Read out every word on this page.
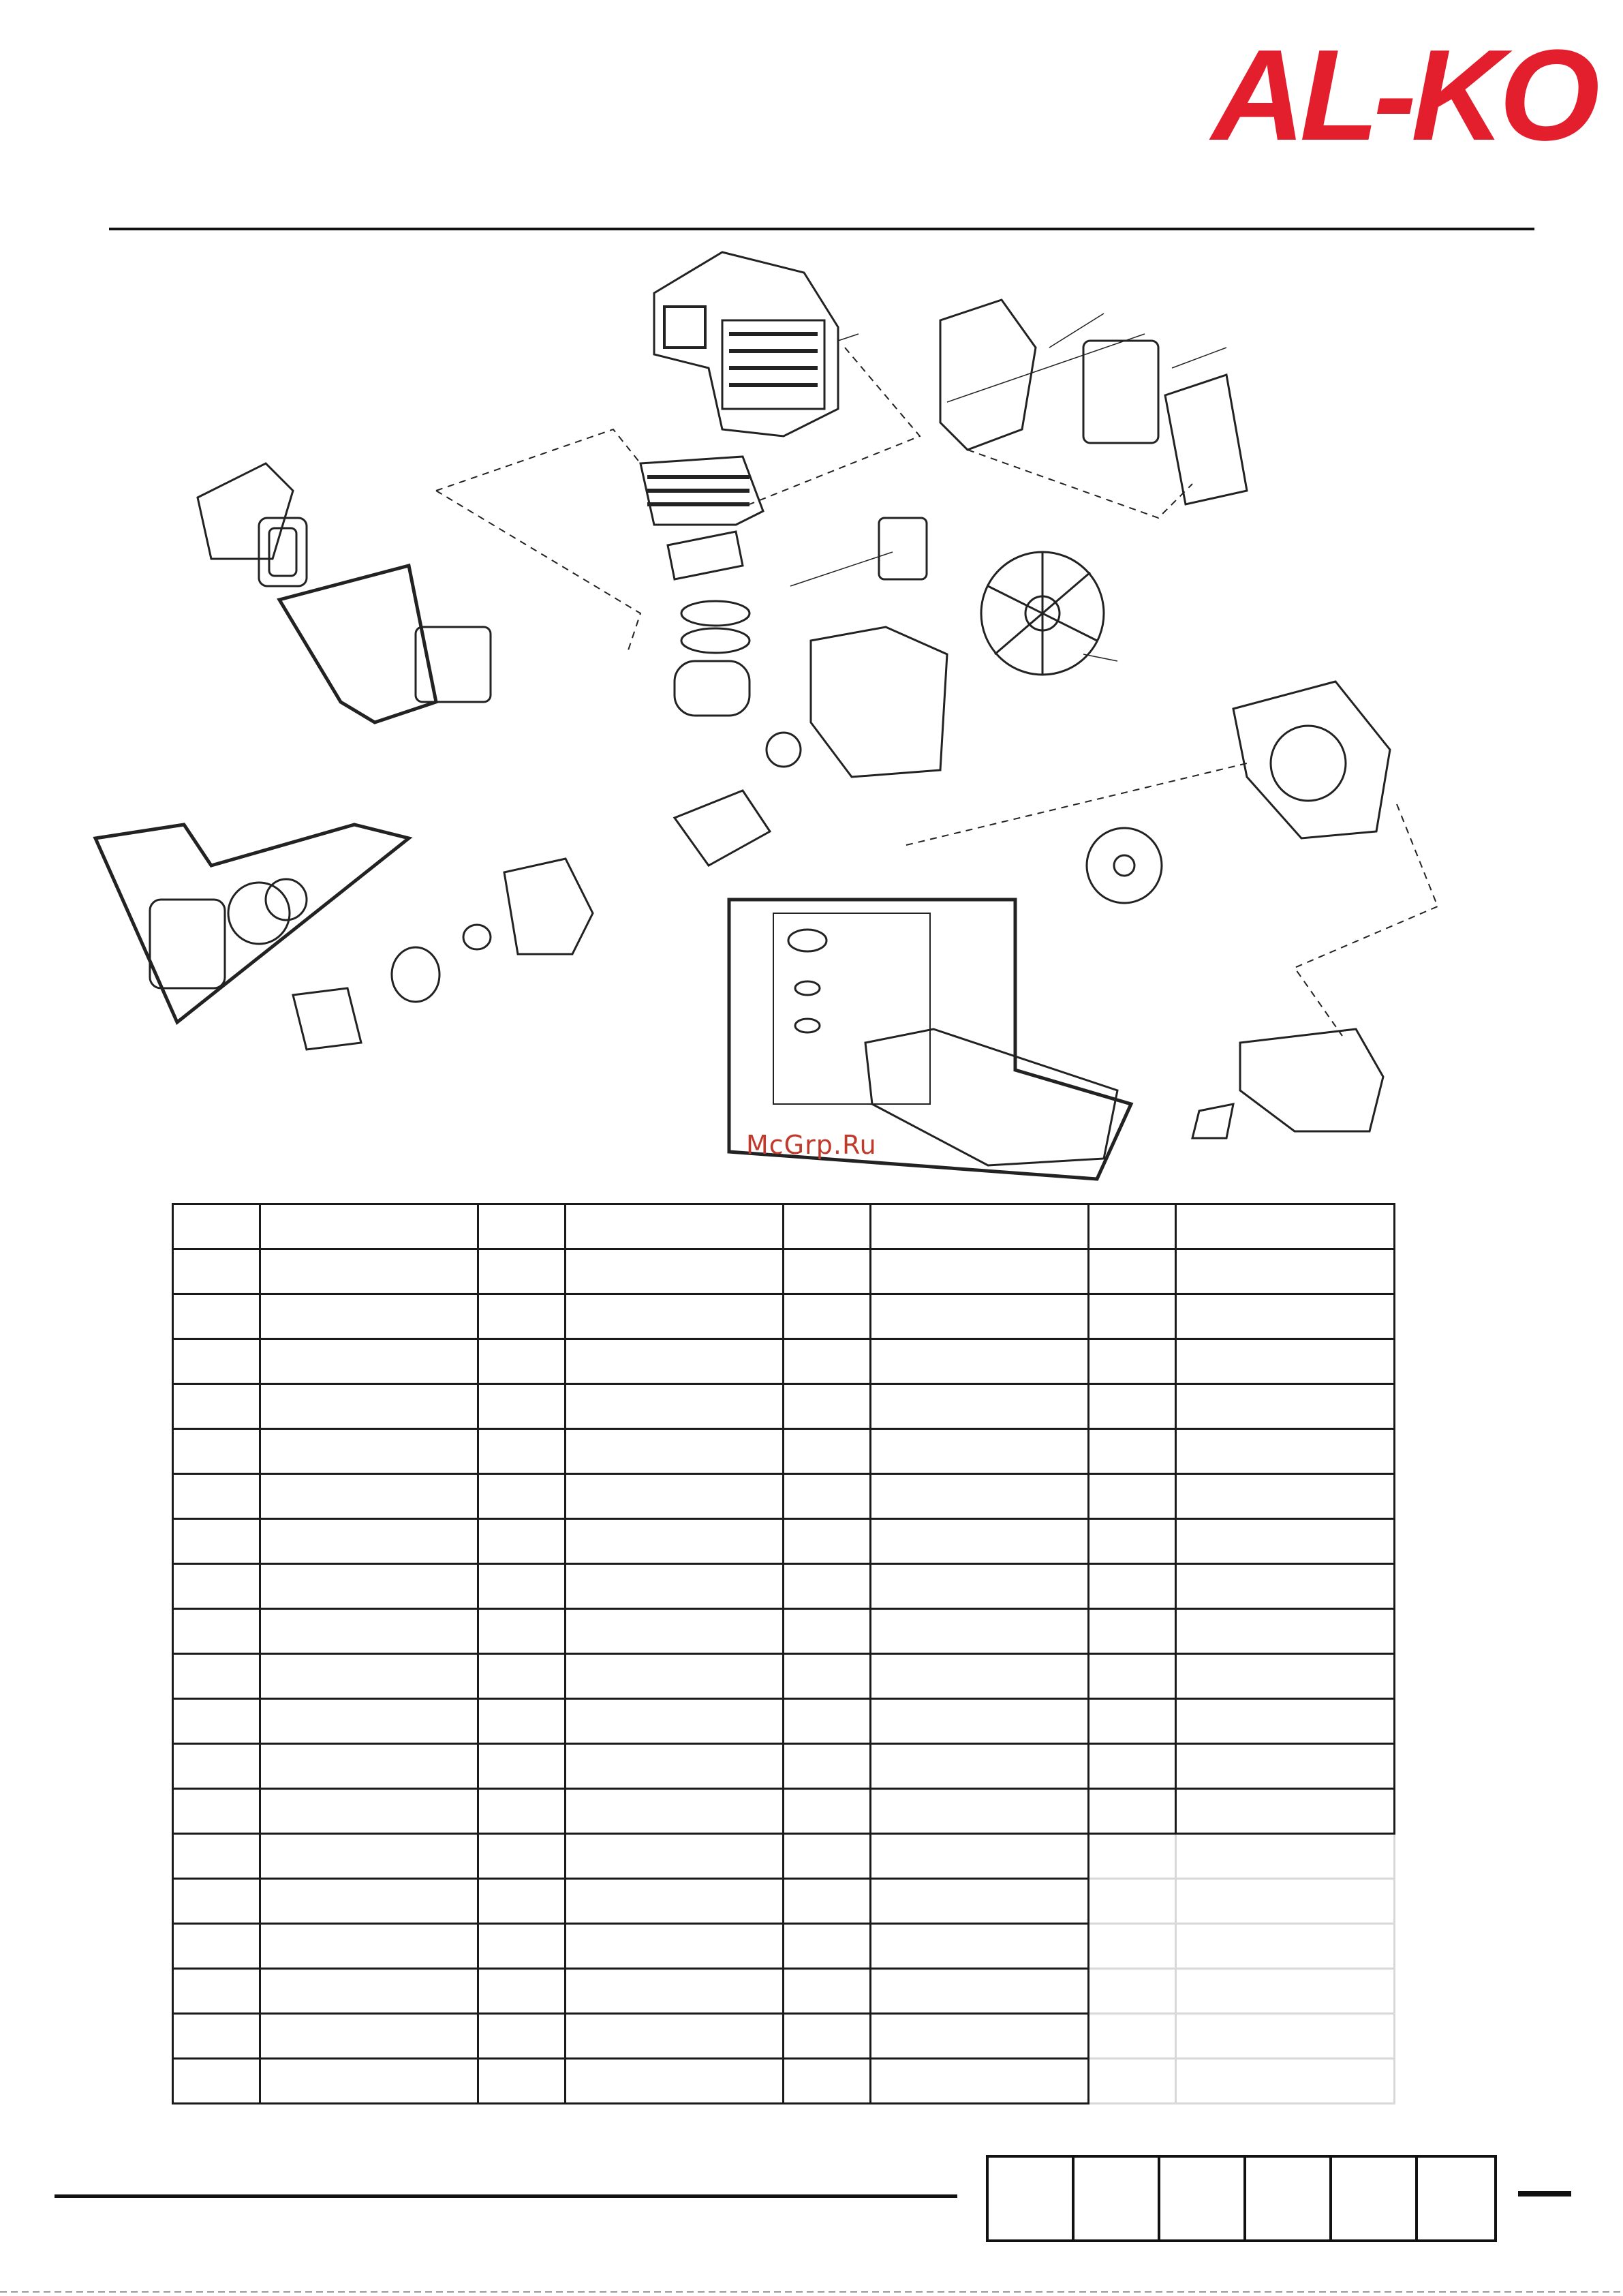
AL-KO
McGrp.Ru
